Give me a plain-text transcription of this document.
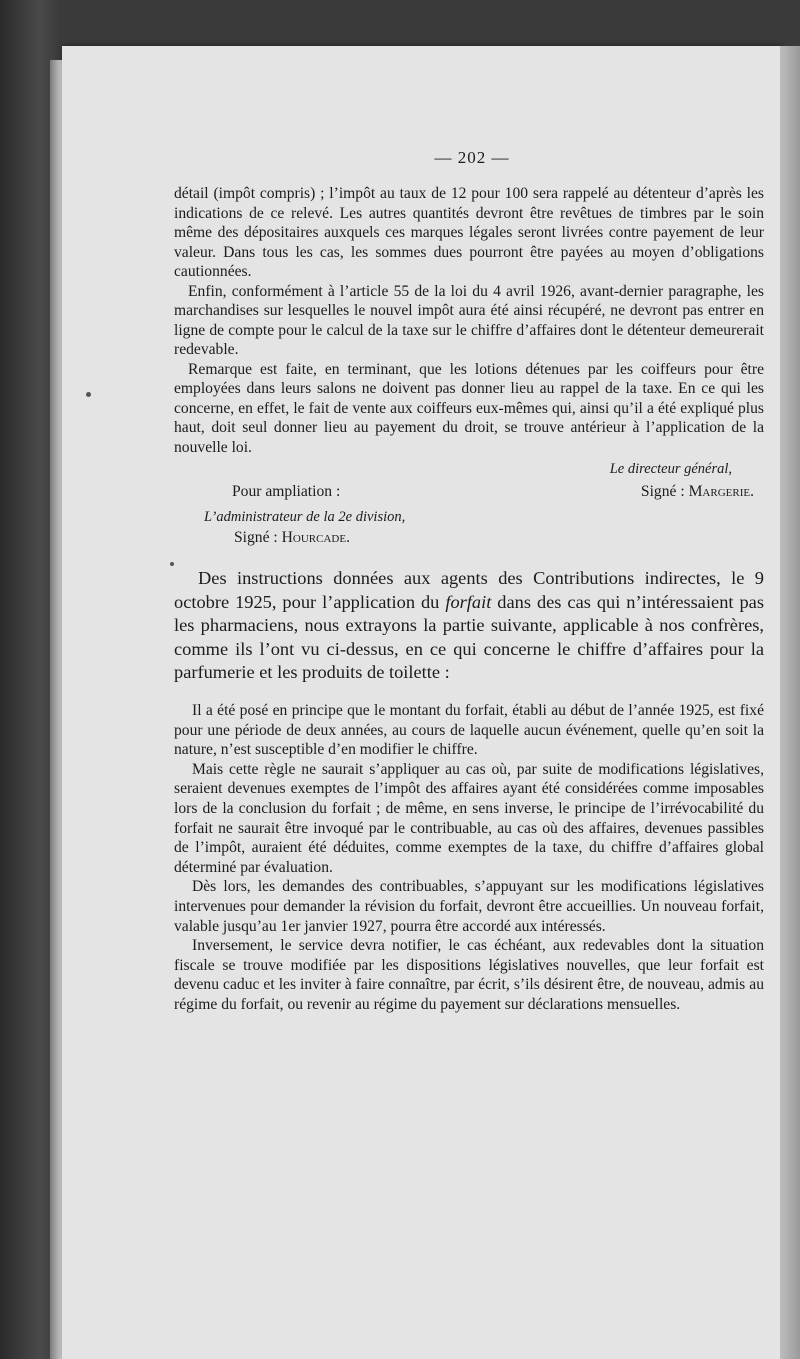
— 202 —

détail (impôt compris) ; l’impôt au taux de 12 pour 100 sera rappelé au détenteur d’après les indications de ce relevé. Les autres quantités devront être revêtues de timbres par le soin même des dépositaires auxquels ces marques légales seront livrées contre payement de leur valeur. Dans tous les cas, les sommes dues pourront être payées au moyen d’obligations cautionnées.

Enfin, conformément à l’article 55 de la loi du 4 avril 1926, avant-dernier paragraphe, les marchandises sur lesquelles le nouvel impôt aura été ainsi récupéré, ne devront pas entrer en ligne de compte pour le calcul de la taxe sur le chiffre d’affaires dont le détenteur demeurerait redevable.

Remarque est faite, en terminant, que les lotions détenues par les coiffeurs pour être employées dans leurs salons ne doivent pas donner lieu au rappel de la taxe. En ce qui les concerne, en effet, le fait de vente aux coiffeurs eux-mêmes qui, ainsi qu’il a été expliqué plus haut, doit seul donner lieu au payement du droit, se trouve antérieur à l’application de la nouvelle loi.

Le directeur général,
Signé : Margerie.
Pour ampliation :
L’administrateur de la 2e division,
Signé : Hourcade.

Des instructions données aux agents des Contributions indirectes, le 9 octobre 1925, pour l’application du forfait dans des cas qui n’intéressaient pas les pharmaciens, nous extrayons la partie suivante, applicable à nos confrères, comme ils l’ont vu ci-dessus, en ce qui concerne le chiffre d’affaires pour la parfumerie et les produits de toilette :

Il a été posé en principe que le montant du forfait, établi au début de l’année 1925, est fixé pour une période de deux années, au cours de laquelle aucun événement, quelle qu’en soit la nature, n’est susceptible d’en modifier le chiffre.

Mais cette règle ne saurait s’appliquer au cas où, par suite de modifications législatives, seraient devenues exemptes de l’impôt des affaires ayant été considérées comme imposables lors de la conclusion du forfait ; de même, en sens inverse, le principe de l’irrévocabilité du forfait ne saurait être invoqué par le contribuable, au cas où des affaires, devenues passibles de l’impôt, auraient été déduites, comme exemptes de la taxe, du chiffre d’affaires global déterminé par évaluation.

Dès lors, les demandes des contribuables, s’appuyant sur les modifications législatives intervenues pour demander la révision du forfait, devront être accueillies. Un nouveau forfait, valable jusqu’au 1er janvier 1927, pourra être accordé aux intéressés.

Inversement, le service devra notifier, le cas échéant, aux redevables dont la situation fiscale se trouve modifiée par les dispositions législatives nouvelles, que leur forfait est devenu caduc et les inviter à faire connaître, par écrit, s’ils désirent être, de nouveau, admis au régime du forfait, ou revenir au régime du payement sur déclarations mensuelles.
